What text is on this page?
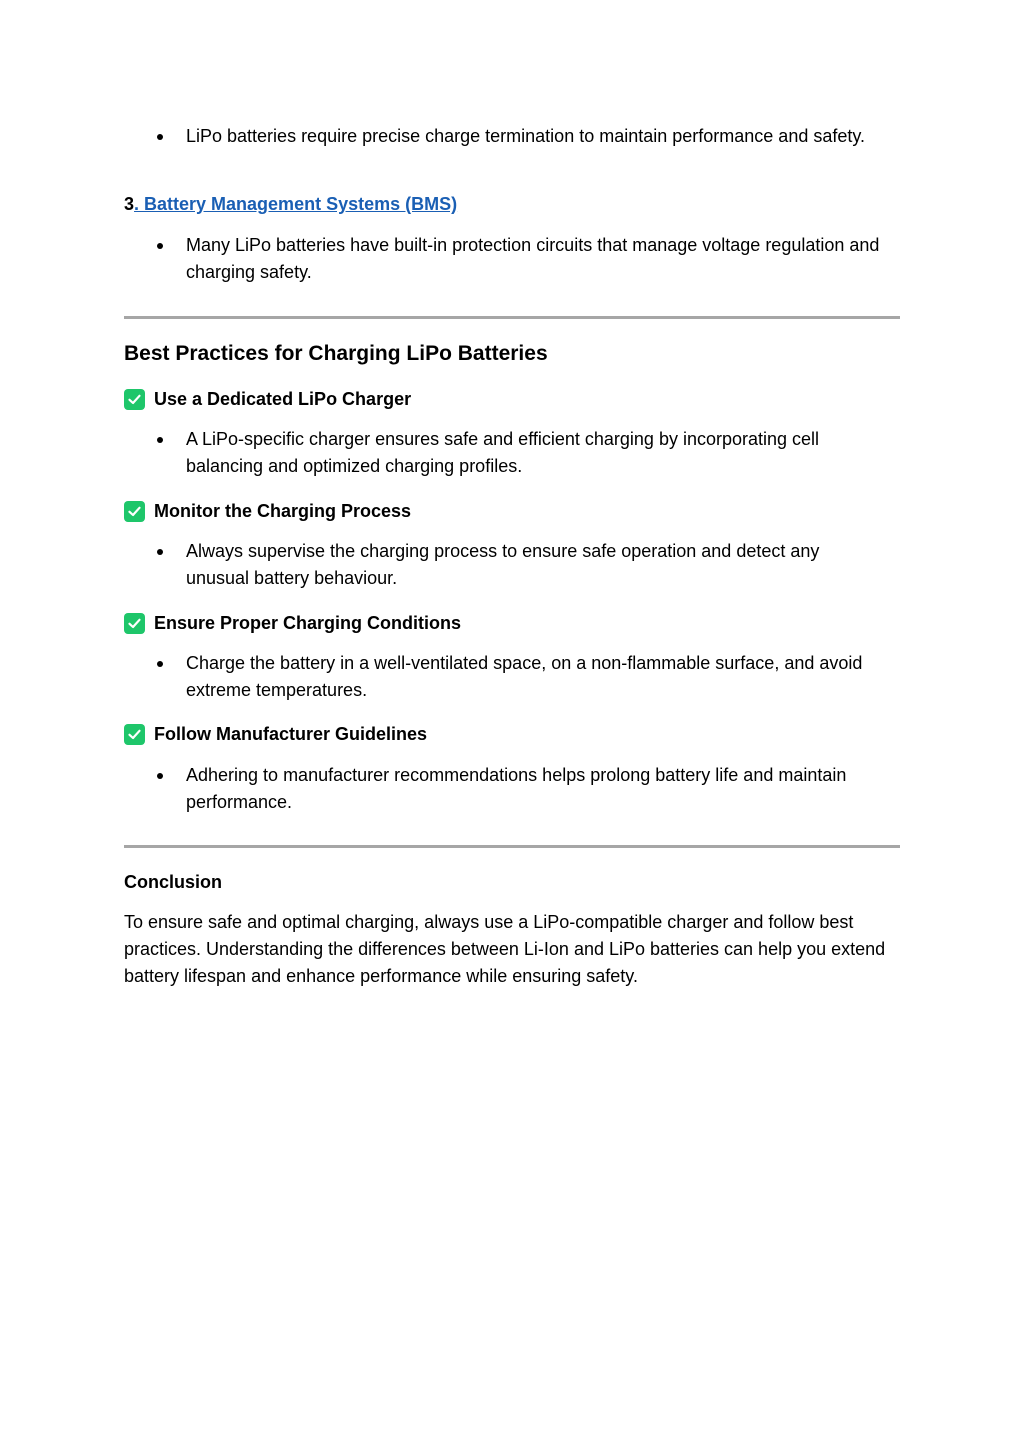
LiPo batteries require precise charge termination to maintain performance and safety.
3. Battery Management Systems (BMS)
Many LiPo batteries have built-in protection circuits that manage voltage regulation and charging safety.
Best Practices for Charging LiPo Batteries
Use a Dedicated LiPo Charger
A LiPo-specific charger ensures safe and efficient charging by incorporating cell balancing and optimized charging profiles.
Monitor the Charging Process
Always supervise the charging process to ensure safe operation and detect any unusual battery behaviour.
Ensure Proper Charging Conditions
Charge the battery in a well-ventilated space, on a non-flammable surface, and avoid extreme temperatures.
Follow Manufacturer Guidelines
Adhering to manufacturer recommendations helps prolong battery life and maintain performance.
Conclusion
To ensure safe and optimal charging, always use a LiPo-compatible charger and follow best practices. Understanding the differences between Li-Ion and LiPo batteries can help you extend battery lifespan and enhance performance while ensuring safety.
